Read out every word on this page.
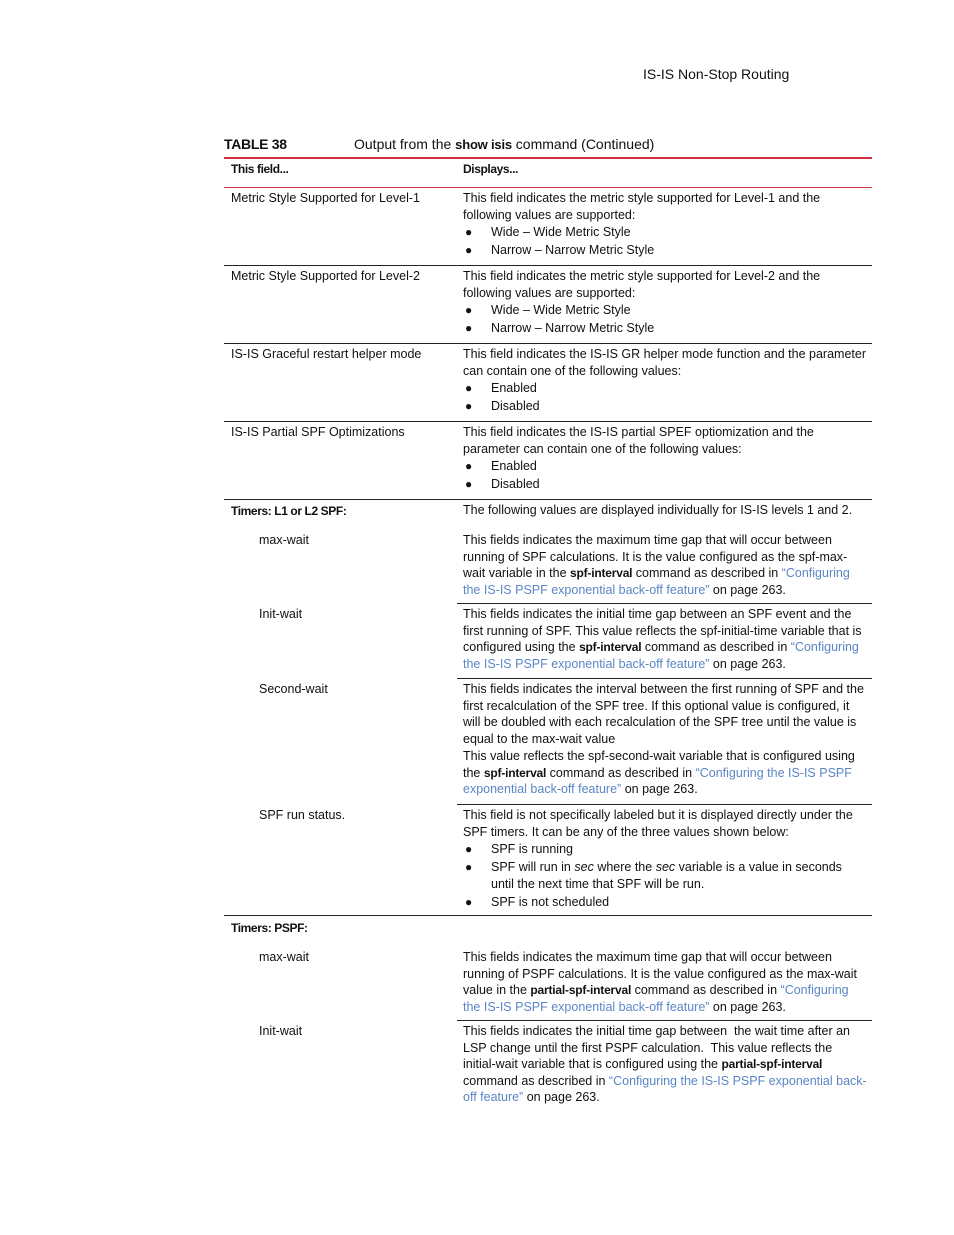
IS-IS Non-Stop Routing
TABLE 38	Output from the show isis command (Continued)
This field...	Displays...
Metric Style Supported for Level-1	This field indicates the metric style supported for Level-1 and the following values are supported:
● Wide – Wide Metric Style
● Narrow – Narrow Metric Style
Metric Style Supported for Level-2	This field indicates the metric style supported for Level-2 and the following values are supported:
● Wide – Wide Metric Style
● Narrow – Narrow Metric Style
IS-IS Graceful restart helper mode	This field indicates the IS-IS GR helper mode function and the parameter can contain one of the following values:
● Enabled
● Disabled
IS-IS Partial SPF Optimizations	This field indicates the IS-IS partial SPEF optiomization and the parameter can contain one of the following values:
● Enabled
● Disabled
Timers: L1 or L2 SPF:	The following values are displayed individually for IS-IS levels 1 and 2.
max-wait	This fields indicates the maximum time gap that will occur between running of SPF calculations. It is the value configured as the spf-max-wait variable in the spf-interval command as described in “Configuring the IS-IS PSPF exponential back-off feature” on page 263.
Init-wait	This fields indicates the initial time gap between an SPF event and the first running of SPF. This value reflects the spf-initial-time variable that is configured using the spf-interval command as described in “Configuring the IS-IS PSPF exponential back-off feature” on page 263.
Second-wait	This fields indicates the interval between the first running of SPF and the first recalculation of the SPF tree. If this optional value is configured, it will be doubled with each recalculation of the SPF tree until the value is equal to the max-wait value
This value reflects the spf-second-wait variable that is configured using the spf-interval command as described in “Configuring the IS-IS PSPF exponential back-off feature” on page 263.
SPF run status.	This field is not specifically labeled but it is displayed directly under the SPF timers. It can be any of the three values shown below:
● SPF is running
● SPF will run in sec where the sec variable is a value in seconds until the next time that SPF will be run.
● SPF is not scheduled
Timers: PSPF:
max-wait	This fields indicates the maximum time gap that will occur between running of PSPF calculations. It is the value configured as the max-wait value in the partial-spf-interval command as described in “Configuring the IS-IS PSPF exponential back-off feature” on page 263.
Init-wait	This fields indicates the initial time gap between  the wait time after an LSP change until the first PSPF calculation.  This value reflects the initial-wait variable that is configured using the partial-spf-interval command as described in “Configuring the IS-IS PSPF exponential back-off feature” on page 263.
